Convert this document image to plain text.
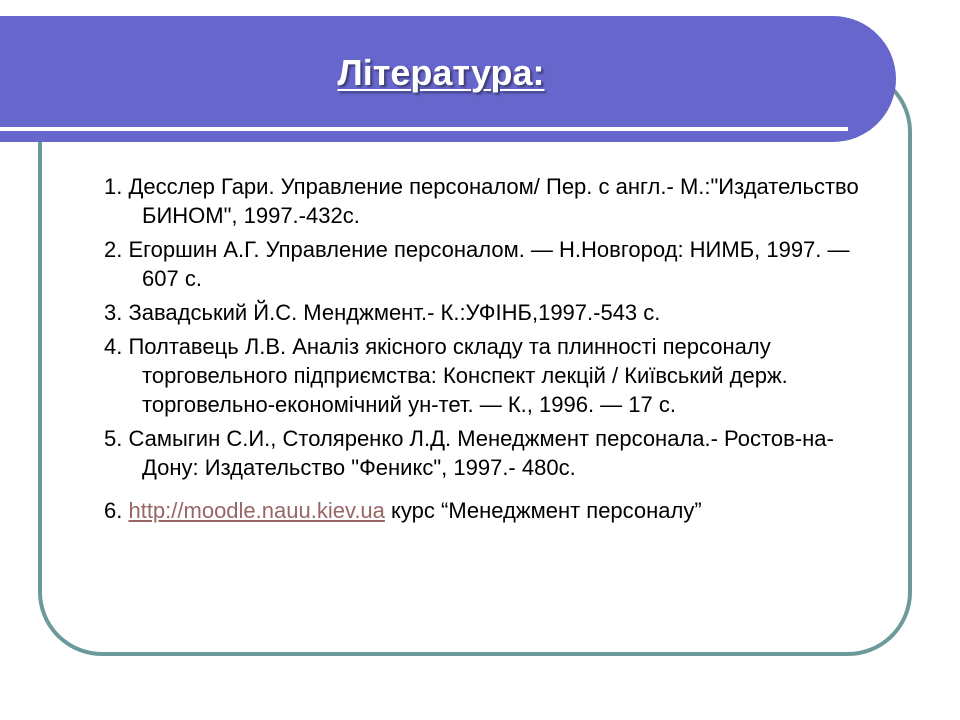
Література:

1. Десслер Гари. Управление персоналом/ Пер. с англ.- М.:"Издательство БИНОМ", 1997.-432с.

2. Егоршин А.Г. Управление персоналом. — Н.Новгород: НИМБ, 1997. —607 с.

3. Завадський Й.С. Менджмент.- К.:УФІНБ,1997.-543 с.

4. Полтавець Л.В. Аналіз якісного складу та плинності персоналу торговельного підприємства: Конспект лекцій / Київський держ. торговельно-економічний ун-тет. — К., 1996. — 17 с.

5. Самыгин С.И., Столяренко Л.Д. Менеджмент персонала.- Ростов-на-Дону: Издательство "Феникс", 1997.- 480с.

6. http://moodle.nauu.kiev.ua курс “Менеджмент персоналу”
